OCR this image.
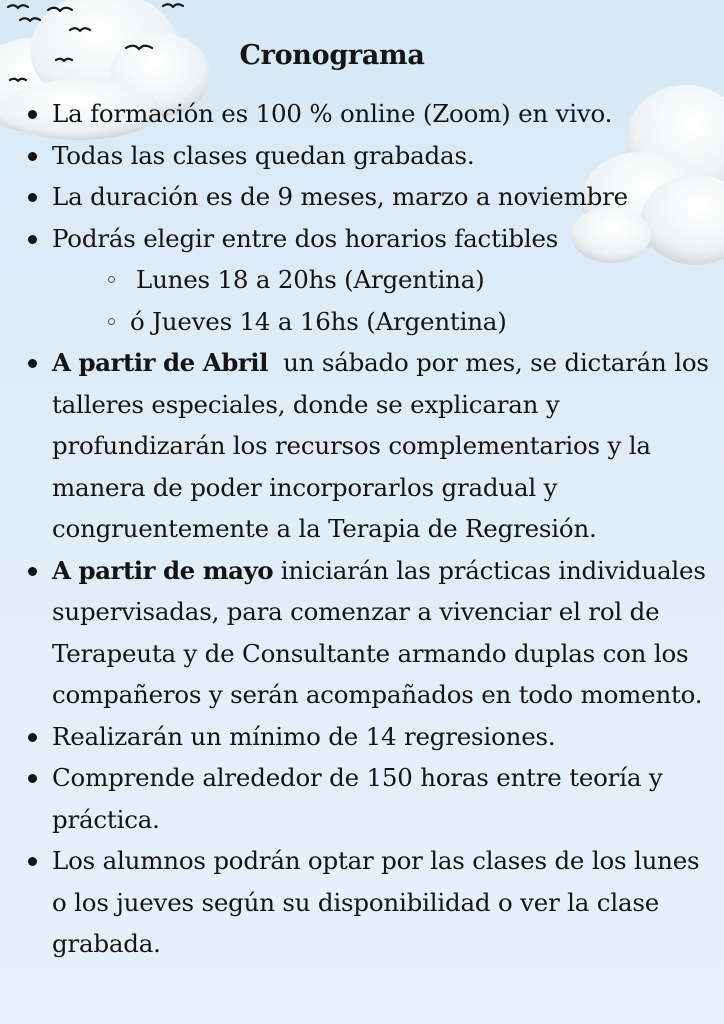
Cronograma
La formación es 100 % online (Zoom) en vivo.
Todas las clases quedan grabadas.
La duración es de 9 meses, marzo a noviembre
Podrás elegir entre dos horarios factibles
Lunes 18 a 20hs (Argentina)
ó Jueves 14 a 16hs (Argentina)
A partir de Abril  un sábado por mes, se dictarán los talleres especiales, donde se explicaran y profundizarán los recursos complementarios y la manera de poder incorporarlos gradual y congruentemente a la Terapia de Regresión.
A partir de mayo iniciarán las prácticas individuales supervisadas, para comenzar a vivenciar el rol de Terapeuta y de Consultante armando duplas con los compañeros y serán acompañados en todo momento.
Realizarán un mínimo de 14 regresiones.
Comprende alrededor de 150 horas entre teoría y práctica.
Los alumnos podrán optar por las clases de los lunes o los jueves según su disponibilidad o ver la clase grabada.
